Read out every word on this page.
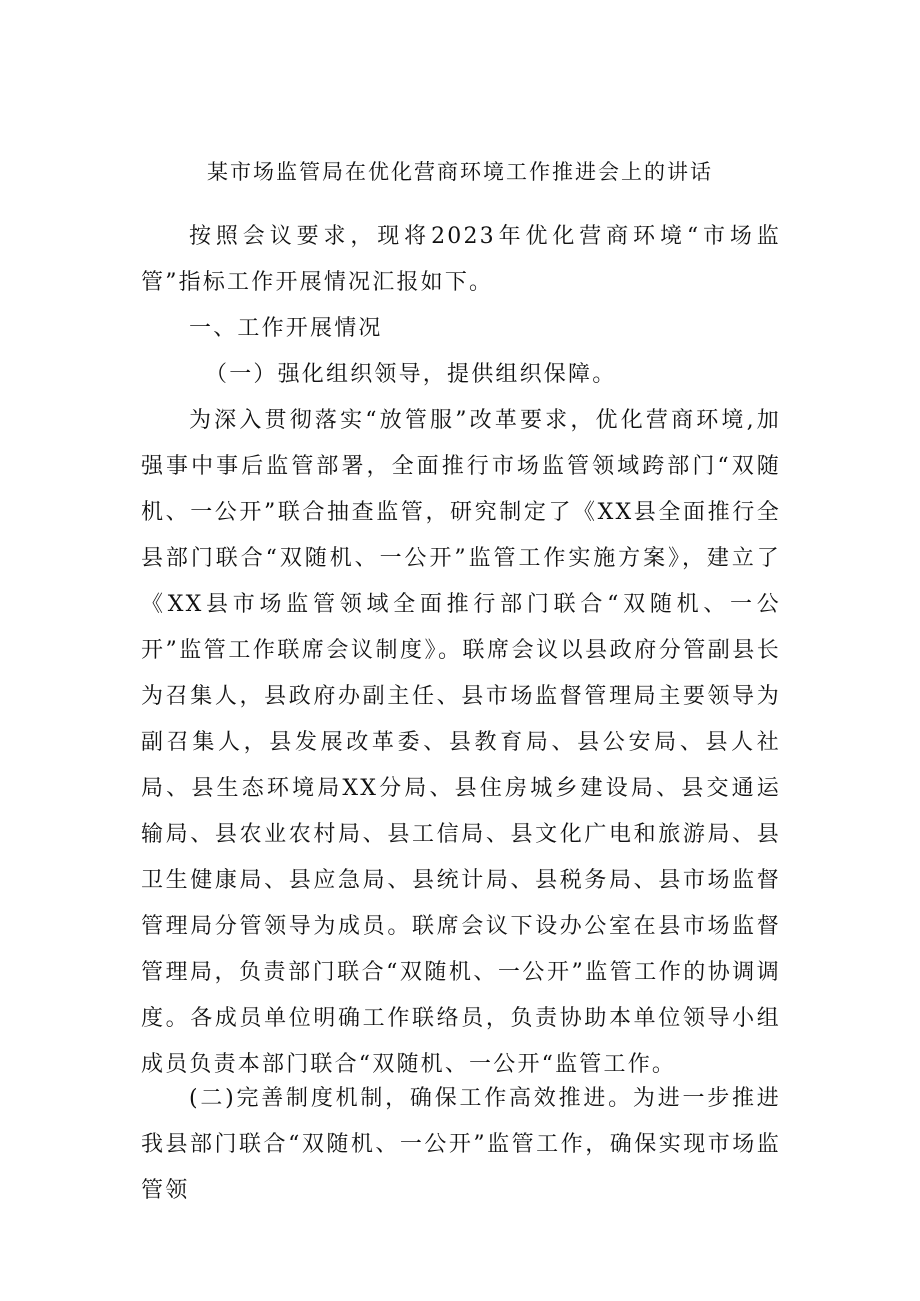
某市场监管局在优化营商环境工作推进会上的讲话

按照会议要求，现将2023年优化营商环境“市场监管”指标工作开展情况汇报如下。

一、工作开展情况

（一）强化组织领导，提供组织保障。

为深入贯彻落实“放管服”改革要求，优化营商环境,加强事中事后监管部署，全面推行市场监管领域跨部门“双随机、一公开”联合抽查监管，研究制定了《XX县全面推行全县部门联合“双随机、一公开”监管工作实施方案》，建立了《XX县市场监管领域全面推行部门联合“双随机、一公开”监管工作联席会议制度》。联席会议以县政府分管副县长为召集人，县政府办副主任、县市场监督管理局主要领导为副召集人，县发展改革委、县教育局、县公安局、县人社局、县生态环境局XX分局、县住房城乡建设局、县交通运输局、县农业农村局、县工信局、县文化广电和旅游局、县卫生健康局、县应急局、县统计局、县税务局、县市场监督管理局分管领导为成员。联席会议下设办公室在县市场监督管理局，负责部门联合“双随机、一公开”监管工作的协调调度。各成员单位明确工作联络员，负责协助本单位领导小组成员负责本部门联合“双随机、一公开“监管工作。

(二)完善制度机制，确保工作高效推进。为进一步推进我县部门联合“双随机、一公开”监管工作，确保实现市场监管领
